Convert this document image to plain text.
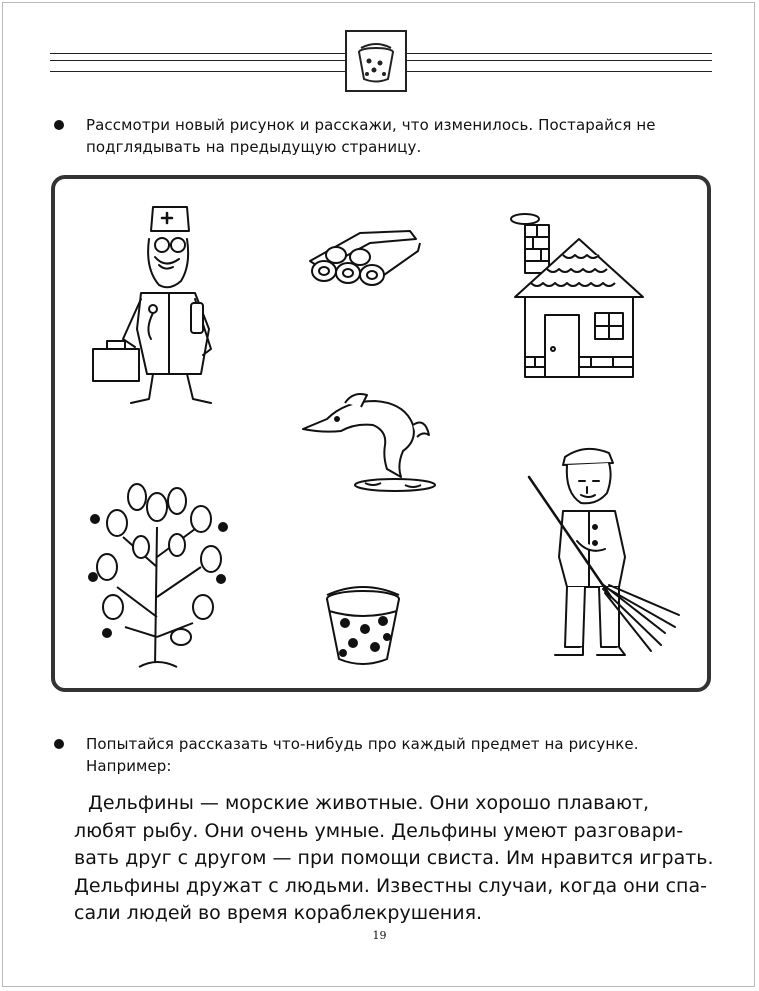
Рассмотри новый рисунок и расскажи, что изменилось. Постарайся не
подглядывать на предыдущую страницу.
Попытайся рассказать что-нибудь про каждый предмет на рисунке.
Например:
Дельфины — морские животные. Они хорошо плавают,
любят рыбу. Они очень умные. Дельфины умеют разговари-
вать друг с другом — при помощи свиста. Им нравится играть.
Дельфины дружат с людьми. Известны случаи, когда они спа-
сали людей во время кораблекрушения.
19
